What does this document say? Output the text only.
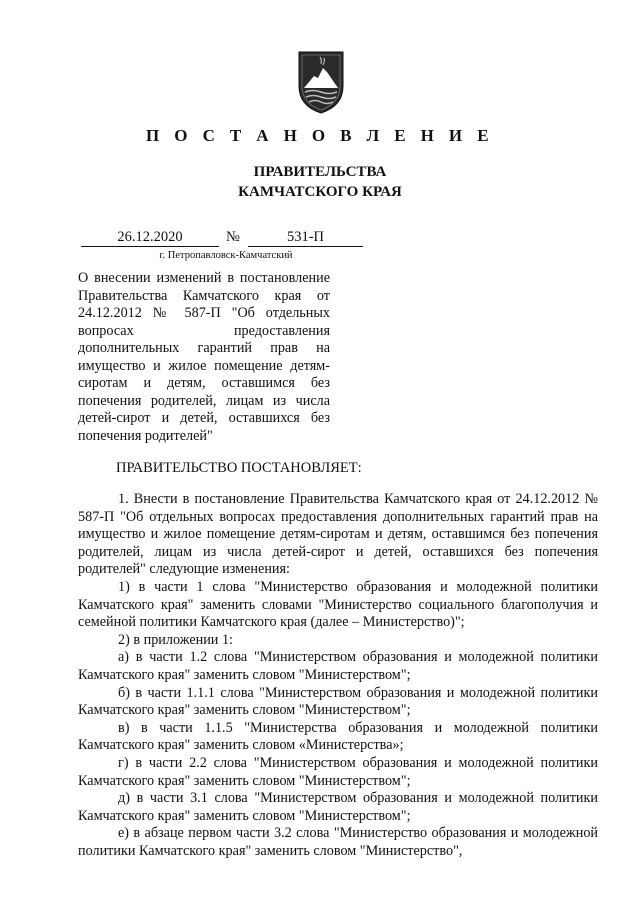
П О С Т А Н О В Л Е Н И Е
ПРАВИТЕЛЬСТВА
КАМЧАТСКОГО КРАЯ
26.12.2020	№	531-П
г. Петропавловск-Камчатский
О внесении изменений в постановление Правительства Камчатского края от 24.12.2012 № 587-П "Об отдельных вопросах предоставления дополнительных гарантий прав на имущество и жилое помещение детям-сиротам и детям, оставшимся без попечения родителей, лицам из числа детей-сирот и детей, оставшихся без попечения родителей"
ПРАВИТЕЛЬСТВО ПОСТАНОВЛЯЕТ:

1. Внести в постановление Правительства Камчатского края от 24.12.2012 № 587-П "Об отдельных вопросах предоставления дополнительных гарантий прав на имущество и жилое помещение детям-сиротам и детям, оставшимся без попечения родителей, лицам из числа детей-сирот и детей, оставшихся без попечения родителей" следующие изменения:

1) в части 1 слова "Министерство образования и молодежной политики Камчатского края" заменить словами "Министерство социального благополучия и семейной политики Камчатского края (далее – Министерство)";

2) в приложении 1:

а) в части 1.2 слова "Министерством образования и молодежной политики Камчатского края" заменить словом "Министерством";

б) в части 1.1.1 слова "Министерством образования и молодежной политики Камчатского края" заменить словом "Министерством";

в) в части 1.1.5 "Министерства образования и молодежной политики Камчатского края" заменить словом «Министерства»;

г) в части 2.2 слова "Министерством образования и молодежной политики Камчатского края" заменить словом "Министерством";

д) в части 3.1 слова "Министерством образования и молодежной политики Камчатского края" заменить словом "Министерством";

е) в абзаце первом части 3.2 слова "Министерство образования и молодежной политики Камчатского края" заменить словом "Министерство",
